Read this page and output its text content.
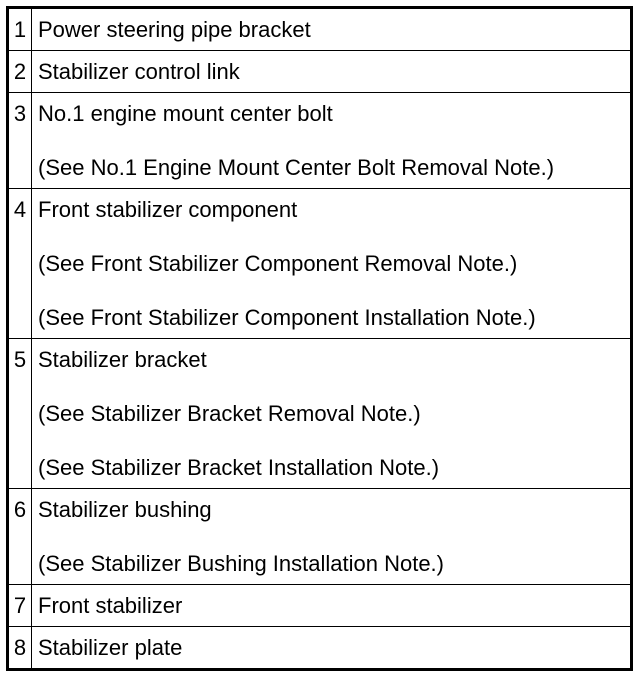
1	Power steering pipe bracket

2	Stabilizer control link

3	No.1 engine mount center bolt
(See No.1 Engine Mount Center Bolt Removal Note.)

4	Front stabilizer component
(See Front Stabilizer Component Removal Note.)
(See Front Stabilizer Component Installation Note.)

5	Stabilizer bracket
(See Stabilizer Bracket Removal Note.)
(See Stabilizer Bracket Installation Note.)

6	Stabilizer bushing
(See Stabilizer Bushing Installation Note.)

7	Front stabilizer

8	Stabilizer plate
